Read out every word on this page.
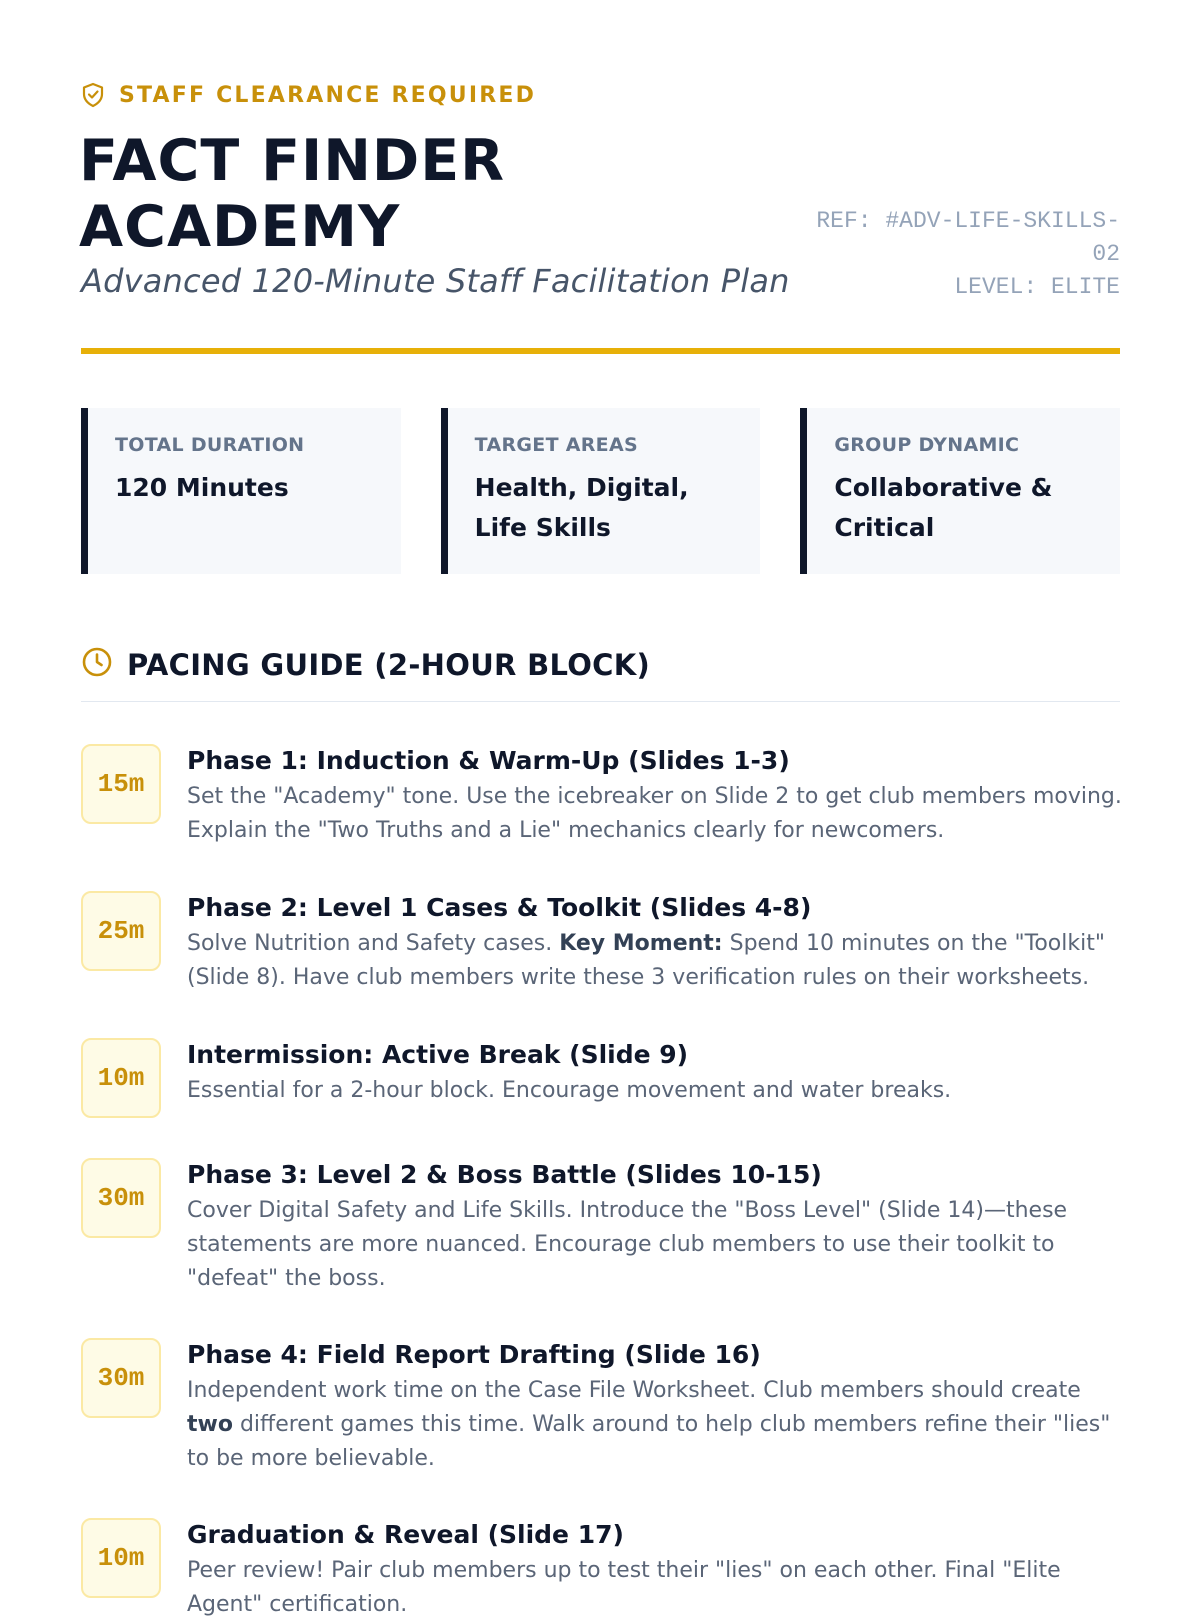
STAFF CLEARANCE REQUIRED
FACT FINDER
ACADEMY
Advanced 120-Minute Staff Facilitation Plan
REF: #ADV-LIFE-SKILLS-02
LEVEL: ELITE
TOTAL DURATION
120 Minutes
TARGET AREAS
Health, Digital, Life Skills
GROUP DYNAMIC
Collaborative & Critical
PACING GUIDE (2-HOUR BLOCK)
15m
Phase 1: Induction & Warm-Up (Slides 1-3)
Set the "Academy" tone. Use the icebreaker on Slide 2 to get club members moving. Explain the "Two Truths and a Lie" mechanics clearly for newcomers.
25m
Phase 2: Level 1 Cases & Toolkit (Slides 4-8)
Solve Nutrition and Safety cases. Key Moment: Spend 10 minutes on the "Toolkit" (Slide 8). Have club members write these 3 verification rules on their worksheets.
10m
Intermission: Active Break (Slide 9)
Essential for a 2-hour block. Encourage movement and water breaks.
30m
Phase 3: Level 2 & Boss Battle (Slides 10-15)
Cover Digital Safety and Life Skills. Introduce the "Boss Level" (Slide 14)—these statements are more nuanced. Encourage club members to use their toolkit to "defeat" the boss.
30m
Phase 4: Field Report Drafting (Slide 16)
Independent work time on the Case File Worksheet. Club members should create two different games this time. Walk around to help club members refine their "lies" to be more believable.
10m
Graduation & Reveal (Slide 17)
Peer review! Pair club members up to test their "lies" on each other. Final "Elite Agent" certification.
